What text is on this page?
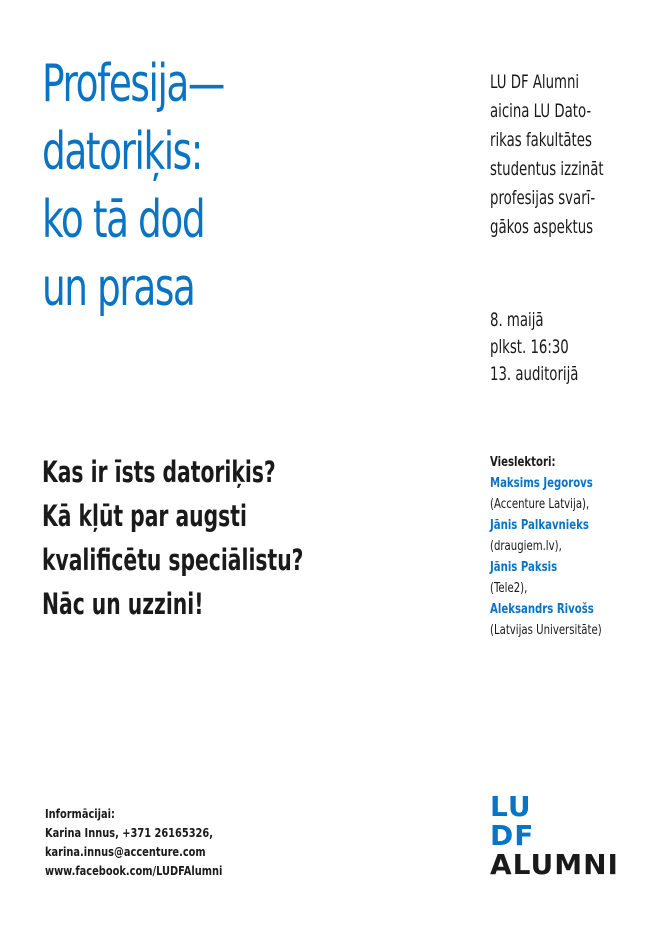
Profesija—
datoriķis:
ko tā dod
un prasa
LU DF Alumni
aicina LU Dato-
rikas fakultātes
studentus izzināt
profesijas svarī-
gākos aspektus
8. maijā
plkst. 16:30
13. auditorijā
Kas ir īsts datoriķis?
Kā kļūt par augsti
kvalificētu speciālistu?
Nāc un uzzini!
Vieslektori:
Maksims Jegorovs
(Accenture Latvija),
Jānis Palkavnieks
(draugiem.lv),
Jānis Paksis
(Tele2),
Aleksandrs Rivošs
(Latvijas Universitāte)
Informācijai:
Karina Innus, +371 26165326,
karina.innus@accenture.com
www.facebook.com/LUDFAlumni
LU
DF
ALUMNI
